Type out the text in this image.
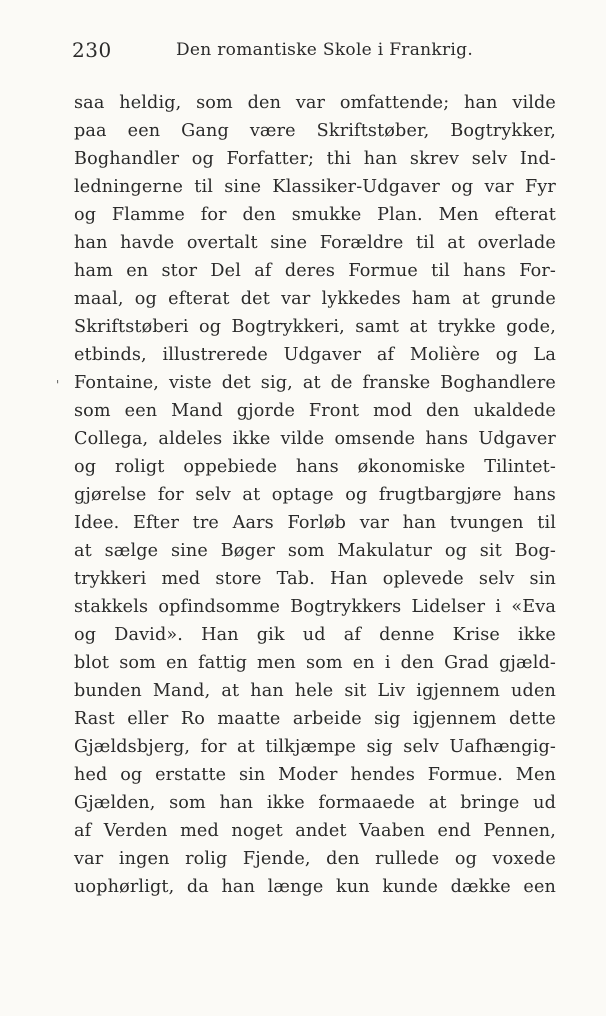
230	Den romantiske Skole i Frankrig.
'
saa heldig, som den var omfattende; han vilde
paa een Gang være Skriftstøber, Bogtrykker,
Boghandler og Forfatter; thi han skrev selv Ind-
ledningerne til sine Klassiker-Udgaver og var Fyr
og Flamme for den smukke Plan. Men efterat
han havde overtalt sine Forældre til at overlade
ham en stor Del af deres Formue til hans For-
maal, og efterat det var lykkedes ham at grunde
Skriftstøberi og Bogtrykkeri, samt at trykke gode,
etbinds, illustrerede Udgaver af Molière og La
Fontaine, viste det sig, at de franske Boghandlere
som een Mand gjorde Front mod den ukaldede
Collega, aldeles ikke vilde omsende hans Udgaver
og roligt oppebiede hans økonomiske Tilintet-
gjørelse for selv at optage og frugtbargjøre hans
Idee. Efter tre Aars Forløb var han tvungen til
at sælge sine Bøger som Makulatur og sit Bog-
trykkeri med store Tab. Han oplevede selv sin
stakkels opfindsomme Bogtrykkers Lidelser i «Eva
og David». Han gik ud af denne Krise ikke
blot som en fattig men som en i den Grad gjæld-
bunden Mand, at han hele sit Liv igjennem uden
Rast eller Ro maatte arbeide sig igjennem dette
Gjældsbjerg, for at tilkjæmpe sig selv Uafhængig-
hed og erstatte sin Moder hendes Formue. Men
Gjælden, som han ikke formaaede at bringe ud
af Verden med noget andet Vaaben end Pennen,
var ingen rolig Fjende, den rullede og voxede
uophørligt, da han længe kun kunde dække een
